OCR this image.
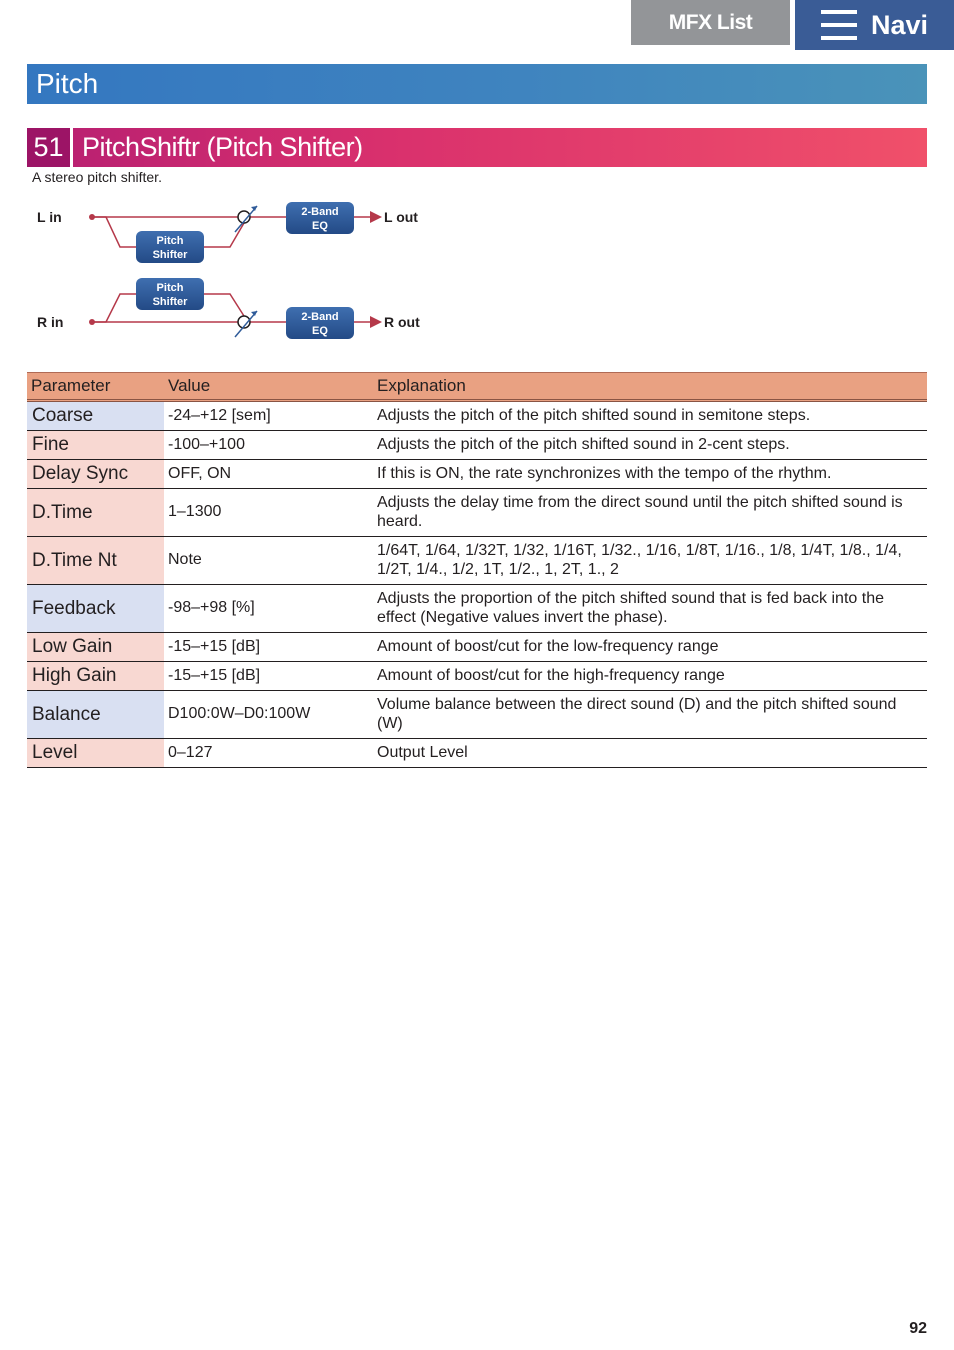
MFX List	Navi
Pitch
51 PitchShiftr (Pitch Shifter)
A stereo pitch shifter.
L in
Pitch
Shifter
2-Band
EQ
L out
R in
Pitch
Shifter
2-Band
EQ
R out
Parameter	Value	Explanation
Coarse	-24–+12 [sem]	Adjusts the pitch of the pitch shifted sound in semitone steps.
Fine	-100–+100	Adjusts the pitch of the pitch shifted sound in 2-cent steps.
Delay Sync	OFF, ON	If this is ON, the rate synchronizes with the tempo of the rhythm.
D.Time	1–1300	Adjusts the delay time from the direct sound until the pitch shifted sound is heard.
D.Time Nt	Note	1/64T, 1/64, 1/32T, 1/32, 1/16T, 1/32., 1/16, 1/8T, 1/16., 1/8, 1/4T, 1/8., 1/4, 1/2T, 1/4., 1/2, 1T, 1/2., 1, 2T, 1., 2
Feedback	-98–+98 [%]	Adjusts the proportion of the pitch shifted sound that is fed back into the effect (Negative values invert the phase).
Low Gain	-15–+15 [dB]	Amount of boost/cut for the low-frequency range
High Gain	-15–+15 [dB]	Amount of boost/cut for the high-frequency range
Balance	D100:0W–D0:100W	Volume balance between the direct sound (D) and the pitch shifted sound (W)
Level	0–127	Output Level
92
